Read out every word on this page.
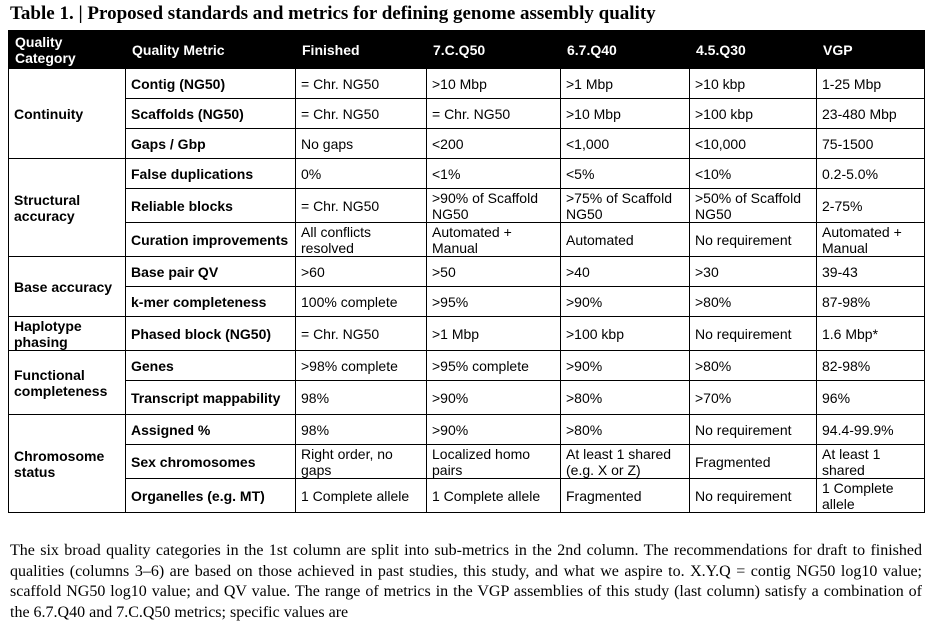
Table 1. | Proposed standards and metrics for defining genome assembly quality
Quality Category	Quality Metric	Finished	7.C.Q50	6.7.Q40	4.5.Q30	VGP
Continuity	Contig (NG50)	= Chr. NG50	>10 Mbp	>1 Mbp	>10 kbp	1-25 Mbp
	Scaffolds (NG50)	= Chr. NG50	= Chr. NG50	>10 Mbp	>100 kbp	23-480 Mbp
	Gaps / Gbp	No gaps	<200	<1,000	<10,000	75-1500
Structural accuracy	False duplications	0%	<1%	<5%	<10%	0.2-5.0%
	Reliable blocks	= Chr. NG50	>90% of Scaffold NG50	>75% of Scaffold NG50	>50% of Scaffold NG50	2-75%
	Curation improvements	All conflicts resolved	Automated + Manual	Automated	No requirement	Automated + Manual
Base accuracy	Base pair QV	>60	>50	>40	>30	39-43
	k-mer completeness	100% complete	>95%	>90%	>80%	87-98%
Haplotype phasing	Phased block (NG50)	= Chr. NG50	>1 Mbp	>100 kbp	No requirement	1.6 Mbp*
Functional completeness	Genes	>98% complete	>95% complete	>90%	>80%	82-98%
	Transcript mappability	98%	>90%	>80%	>70%	96%
Chromosome status	Assigned %	98%	>90%	>80%	No requirement	94.4-99.9%
	Sex chromosomes	Right order, no gaps	Localized homo pairs	At least 1 shared (e.g. X or Z)	Fragmented	At least 1 shared
	Organelles (e.g. MT)	1 Complete allele	1 Complete allele	Fragmented	No requirement	1 Complete allele
The six broad quality categories in the 1st column are split into sub-metrics in the 2nd column. The recommendations for draft to finished qualities (columns 3–6) are based on those achieved in past studies, this study, and what we aspire to. X.Y.Q = contig NG50 log10 value; scaffold NG50 log10 value; and QV value. The range of metrics in the VGP assemblies of this study (last column) satisfy a combination of the 6.7.Q40 and 7.C.Q50 metrics; specific values are
